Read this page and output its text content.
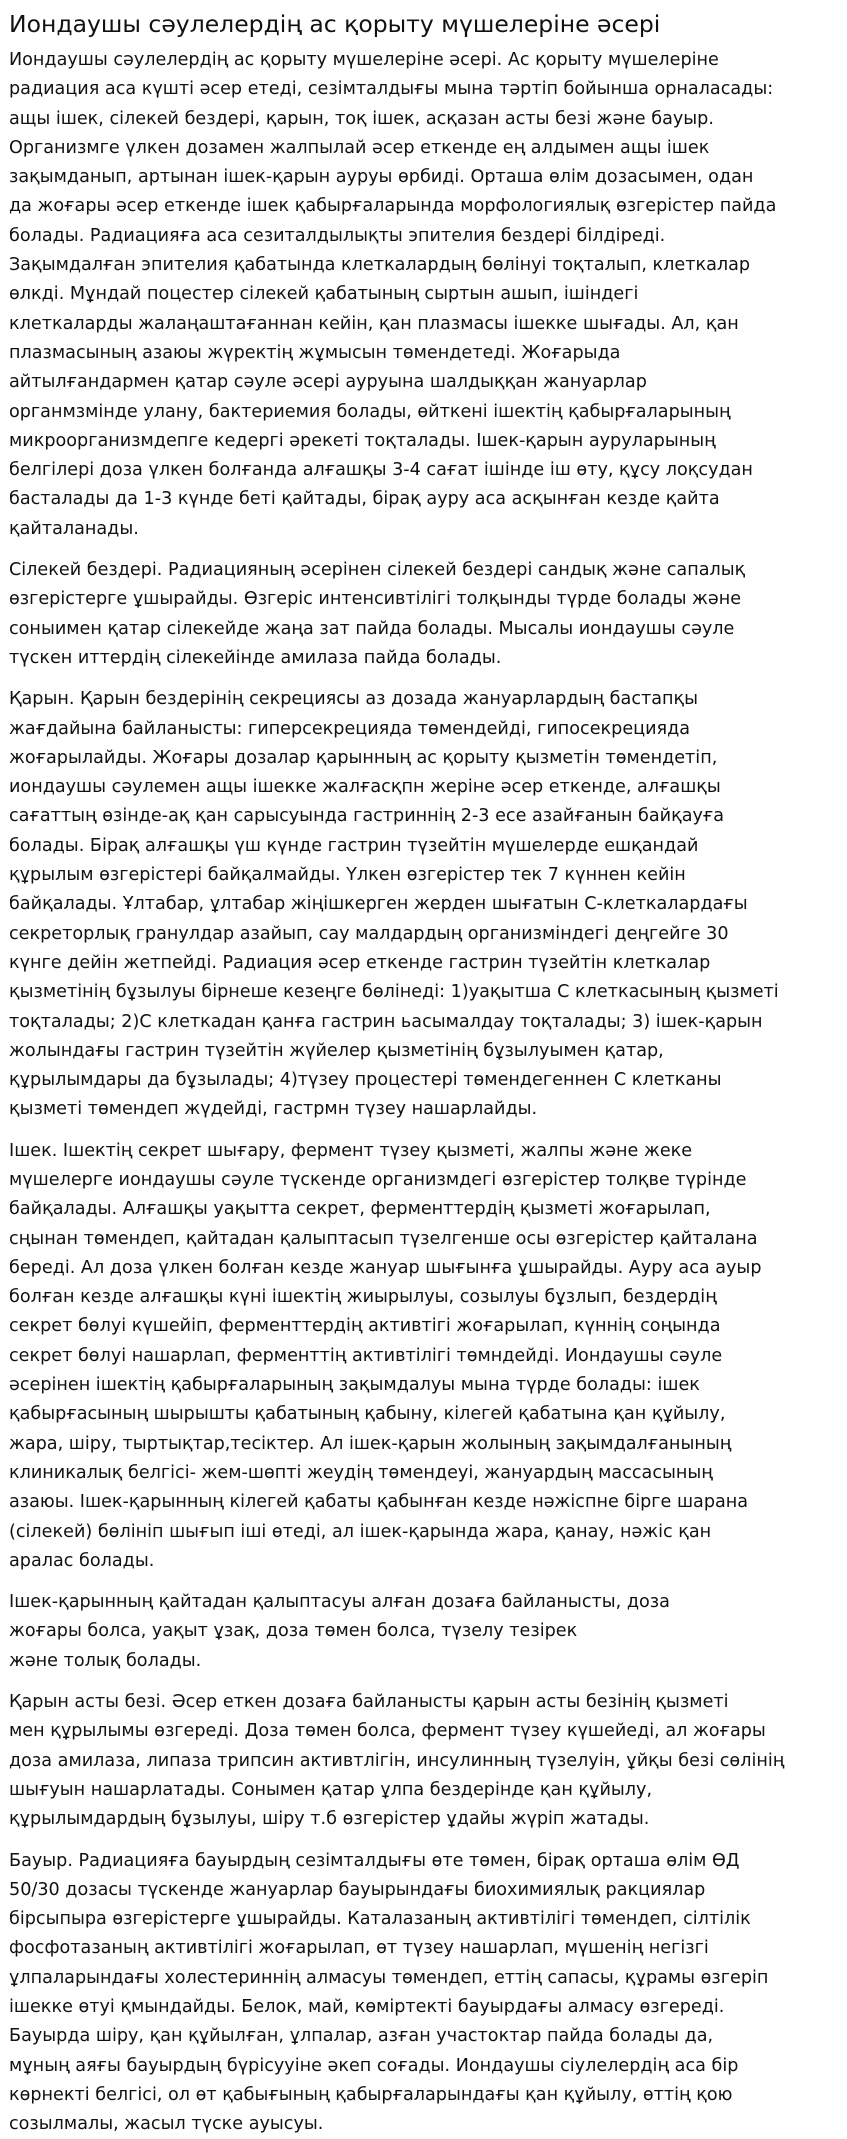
Иондаушы сәулелердің ас қорыту мүшелеріне әсері

Иондаушы сәулелердің ас қорыту мүшелеріне әсері. Ас қорыту мүшелеріне
радиация аса күшті әсер етеді, сезімталдығы мына тәртіп бойынша орналасады:
ащы ішек, сілекей бездері, қарын, тоқ ішек, асқазан асты безі және бауыр.
Организмге үлкен дозамен жалпылай әсер еткенде ең алдымен ащы ішек
зақымданып, артынан ішек-қарын ауруы өрбиді. Орташа өлім дозасымен, одан
да жоғары әсер еткенде ішек қабырғаларында морфологиялық өзгерістер пайда
болады. Радиацияға аса сезиталдылықты эпителия бездері білдіреді.
Зақымдалған эпителия қабатында клеткалардың бөлінуі тоқталып, клеткалар
өлкді. Мұндай поцестер сілекей қабатының сыртын ашып, ішіндегі
клеткаларды жалаңаштағаннан кейін, қан плазмасы ішекке шығады. Ал, қан
плазмасының азаюы жүректің жұмысын төмендетеді. Жоғарыда
айтылғандармен қатар сәуле әсері ауруына шалдыққан жануарлар
органмзмінде улану, бактериемия болады, өйткені ішектің қабырғаларының
микроорганизмдепге кедергі әрекеті тоқталады. Ішек-қарын ауруларының
белгілері доза үлкен болғанда алғашқы 3-4 сағат ішінде іш өту, құсу лоқсудан
басталады да 1-3 күнде беті қайтады, бірақ ауру аса асқынған кезде қайта
қайталанады.

Сілекей бездері. Радиацияның әсерінен сілекей бездері сандық және сапалық
өзгерістерге ұшырайды. Өзгеріс интенсивтілігі толқынды түрде болады және
соныимен қатар сілекейде жаңа зат пайда болады. Мысалы иондаушы сәуле
түскен иттердің сілекейінде амилаза пайда болады.

Қарын. Қарын бездерінің секрециясы аз дозада жануарлардың бастапқы
жағдайына байланысты: гиперсекрецияда төмендейді, гипосекрецияда
жоғарылайды. Жоғары дозалар қарынның ас қорыту қызметін төмендетіп,
иондаушы сәулемен ащы ішекке жалғасқпн жеріне әсер еткенде, алғашқы
сағаттың өзінде-ақ қан сарысуында гастриннің 2-3 есе азайғанын байқауға
болады. Бірақ алғашқы үш күнде гастрин түзейтін мүшелерде ешқандай
құрылым өзгерістері байқалмайды. Үлкен өзгерістер тек 7 күннен кейін
байқалады. Ұлтабар, ұлтабар жіңішкерген жерден шығатын С-клеткалардағы
секреторлық гранулдар азайып, сау малдардың организміндегі деңгейге 30
күнге дейін жетпейді. Радиация әсер еткенде гастрин түзейтін клеткалар
қызметінің бұзылуы бірнеше кезеңге бөлінеді: 1)уақытша С клеткасының қызметі
тоқталады; 2)С клеткадан қанға гастрин ьасымалдау тоқталады; 3) ішек-қарын
жолындағы гастрин түзейтін жүйелер қызметінің бұзылуымен қатар,
құрылымдары да бұзылады; 4)түзеу процестері төмендегеннен С клетканы
қызметі төмендеп жүдейді, гастрмн түзеу нашарлайды.

Ішек. Ішектің секрет шығару, фермент түзеу қызметі, жалпы және жеке
мүшелерге иондаушы сәуле түскенде организмдегі өзгерістер толқве түрінде
байқалады. Алғашқы уақытта секрет, ферменттердің қызметі жоғарылап,
сңынан төмендеп, қайтадан қалыптасып түзелгенше осы өзгерістер қайталана
береді. Ал доза үлкен болған кезде жануар шығынға ұшырайды. Ауру аса ауыр
болған кезде алғашқы күні ішектің жиырылуы, созылуы бұзлып, бездердің
секрет бөлуі күшейіп, ферменттердің активтігі жоғарылап, күннің соңында
секрет бөлуі нашарлап, ферменттің активтілігі төмндейді. Иондаушы сәуле
әсерінен ішектің қабырғаларының зақымдалуы мына түрде болады: ішек
қабырғасының шырышты қабатының қабыну, кілегей қабатына қан құйылу,
жара, шіру, тыртықтар,тесіктер. Ал ішек-қарын жолының зақымдалғанының
клиникалық белгісі- жем-шөпті жеудің төмендеуі, жануардың массасының
азаюы. Ішек-қарынның кілегей қабаты қабынған кезде нәжіспне бірге шарана
(сілекей) бөлініп шығып іші өтеді, ал ішек-қарында жара, қанау, нәжіс қан
аралас болады.

Ішек-қарынның қайтадан қалыптасуы алған дозаға байланысты, доза
жоғары болса, уақыт ұзақ, доза төмен болса, түзелу тезірек
және толық болады.

Қарын асты безі. Әсер еткен дозаға байланысты қарын асты безінің қызметі
мен құрылымы өзгереді. Доза төмен болса, фермент түзеу күшейеді, ал жоғары
доза амилаза, липаза трипсин активтлігін, инсулинның түзелуін, ұйқы безі сөлінің
шығуын нашарлатады. Сонымен қатар ұлпа бездерінде қан құйылу,
құрылымдардың бұзылуы, шіру т.б өзгерістер ұдайы жүріп жатады.

Бауыр. Радиацияға бауырдың сезімталдығы өте төмен, бірақ орташа өлім ӨД
50/30 дозасы түскенде жануарлар бауырындағы биохимиялық ракциялар
бірсыпыра өзгерістерге ұшырайды. Каталазаның активтілігі төмендеп, сілтілік
фосфотазаның активтілігі жоғарылап, өт түзеу нашарлап, мүшенің негізгі
ұлпаларындағы холестериннің алмасуы төмендеп, еттің сапасы, құрамы өзгеріп
ішекке өтуі қмындайды. Белок, май, көміртекті бауырдағы алмасу өзгереді.
Бауырда шіру, қан құйылған, ұлпалар, азған участоктар пайда болады да,
мұның аяғы бауырдың бүрісууіне әкеп соғады. Иондаушы сіулелердің аса бір
көрнекті белгісі, ол өт қабығының қабырғаларындағы қан құйылу, өттің қою
созылмалы, жасыл түске ауысуы.
